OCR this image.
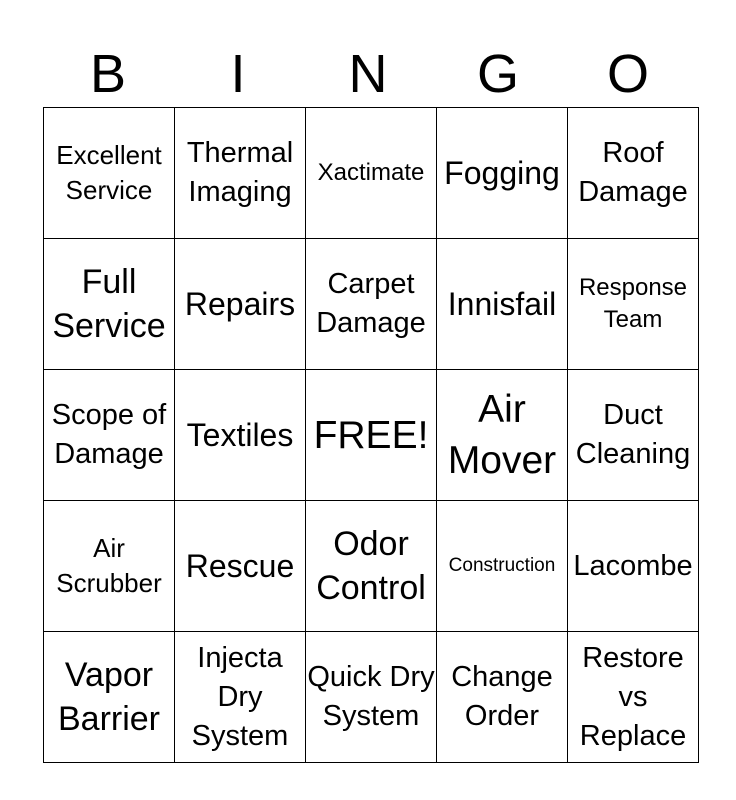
B	I	N	G	O
Excellent Service	Thermal Imaging	Xactimate	Fogging	Roof Damage

Full Service	Repairs	Carpet Damage	Innisfail	Response Team

Scope of Damage	Textiles	FREE!	Air Mover	Duct Cleaning

Air Scrubber	Rescue	Odor Control	Construction	Lacombe

Vapor Barrier	Injecta Dry System	Quick Dry System	Change Order	Restore vs Replace
